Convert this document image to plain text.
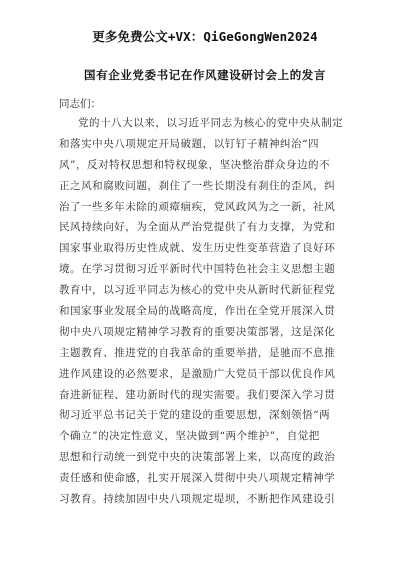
更多免费公文+VX：QiGeGongWen2024
国有企业党委书记在作风建设研讨会上的发言
同志们：
党的十八大以来，以习近平同志为核心的党中央从制定
和落实中央八项规定开局破题，以钉钉子精神纠治“四
风”，反对特权思想和特权现象，坚决整治群众身边的不
正之风和腐败问题，刹住了一些长期没有刹住的歪风，纠
治了一些多年未除的顽瘴痼疾，党风政风为之一新，社风
民风持续向好，为全面从严治党提供了有力支撑，为党和
国家事业取得历史性成就、发生历史性变革营造了良好环
境。在学习贯彻习近平新时代中国特色社会主义思想主题
教育中，以习近平同志为核心的党中央从新时代新征程党
和国家事业发展全局的战略高度，作出在全党开展深入贯
彻中央八项规定精神学习教育的重要决策部署，这是深化
主题教育、推进党的自我革命的重要举措，是驰而不息推
进作风建设的必然要求，是激励广大党员干部以优良作风
奋进新征程、建功新时代的现实需要。我们要深入学习贯
彻习近平总书记关于党的建设的重要思想，深刻领悟“两
个确立”的决定性意义，坚决做到“两个维护”，自觉把
思想和行动统一到党中央的决策部署上来，以高度的政治
责任感和使命感，扎实开展深入贯彻中央八项规定精神学
习教育。持续加固中央八项规定堤坝，不断把作风建设引
